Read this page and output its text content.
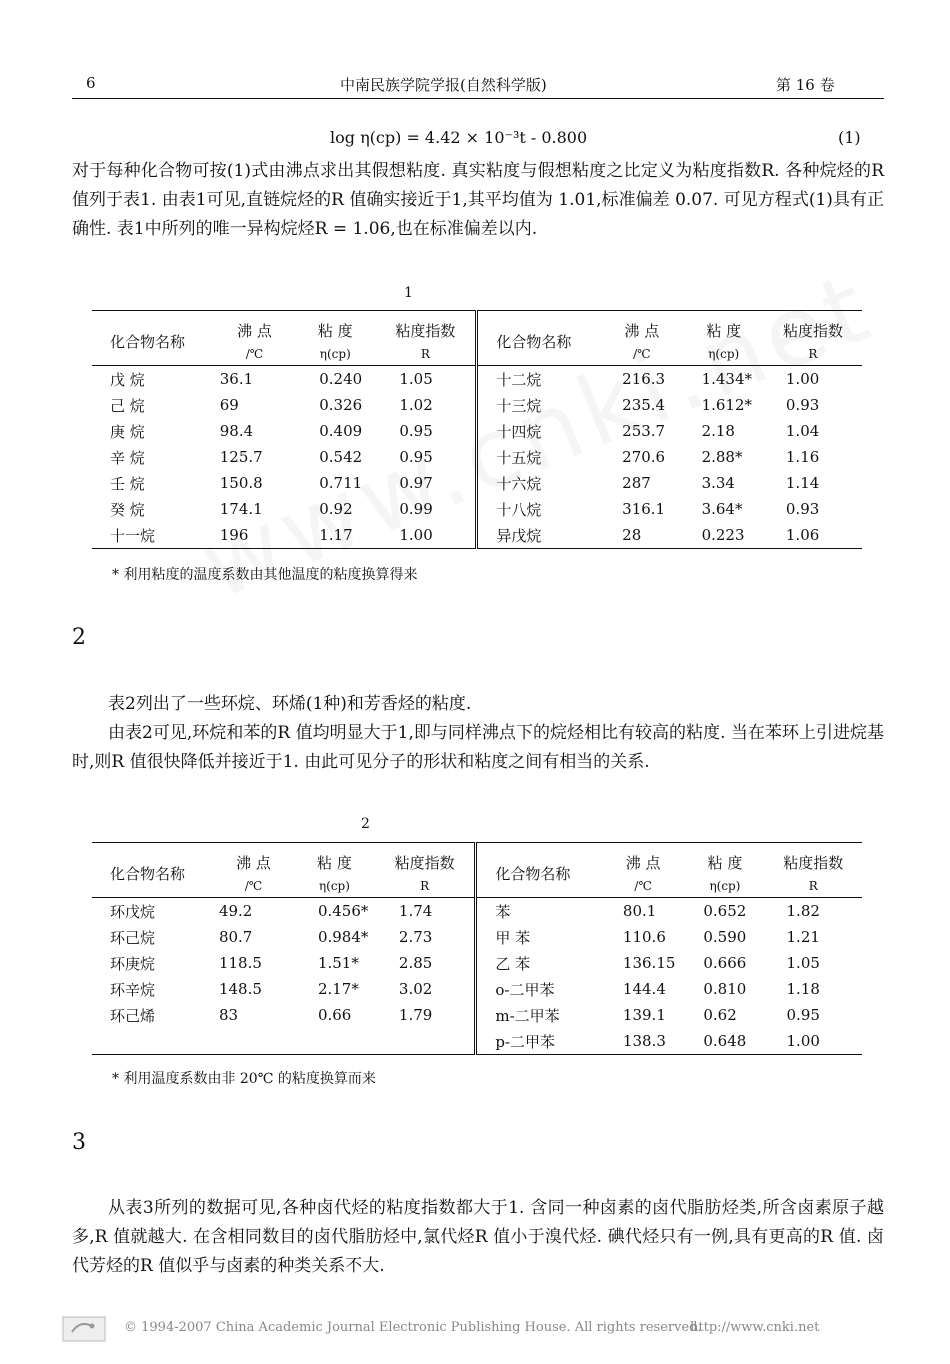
6	中南民族学院学报(自然科学版)	第 16 卷
log η(cp) = 4.42 × 10⁻³t - 0.800	(1)
对于每种化合物可按(1)式由沸点求出其假想粘度. 真实粘度与假想粘度之比定义为粘度指数R. 各种烷烃的R 值列于表1. 由表1可见,直链烷烃的R 值确实接近于1,其平均值为 1.01,标准偏差 0.07. 可见方程式(1)具有正确性. 表1中所列的唯一异构烷烃R = 1.06,也在标准偏差以内.
1
化合物名称	沸 点	粘 度	粘度指数	化合物名称	沸 点	粘 度	粘度指数
	/℃	η(cp)	R		/℃	η(cp)	R
戊 烷	36.1	0.240	1.05	十二烷	216.3	1.434*	1.00
己 烷	69	0.326	1.02	十三烷	235.4	1.612*	0.93
庚 烷	98.4	0.409	0.95	十四烷	253.7	2.18	1.04
辛 烷	125.7	0.542	0.95	十五烷	270.6	2.88*	1.16
壬 烷	150.8	0.711	0.97	十六烷	287	3.34	1.14
癸 烷	174.1	0.92	0.99	十八烷	316.1	3.64*	0.93
十一烷	196	1.17	1.00	异戊烷	28	0.223	1.06
* 利用粘度的温度系数由其他温度的粘度换算得来
2
表2列出了一些环烷、环烯(1种)和芳香烃的粘度.
由表2可见,环烷和苯的R 值均明显大于1,即与同样沸点下的烷烃相比有较高的粘度. 当在苯环上引进烷基时,则R 值很快降低并接近于1. 由此可见分子的形状和粘度之间有相当的关系.
2
化合物名称	沸 点	粘 度	粘度指数	化合物名称	沸 点	粘 度	粘度指数
	/℃	η(cp)	R		/℃	η(cp)	R
环戊烷	49.2	0.456*	1.74	苯	80.1	0.652	1.82
环己烷	80.7	0.984*	2.73	甲 苯	110.6	0.590	1.21
环庚烷	118.5	1.51*	2.85	乙 苯	136.15	0.666	1.05
环辛烷	148.5	2.17*	3.02	o-二甲苯	144.4	0.810	1.18
环己烯	83	0.66	1.79	m-二甲苯	139.1	0.62	0.95
				p-二甲苯	138.3	0.648	1.00
* 利用温度系数由非 20℃ 的粘度换算而来
3
从表3所列的数据可见,各种卤代烃的粘度指数都大于1. 含同一种卤素的卤代脂肪烃类,所含卤素原子越多,R 值就越大. 在含相同数目的卤代脂肪烃中,氯代烃R 值小于溴代烃. 碘代烃只有一例,具有更高的R 值. 卤代芳烃的R 值似乎与卤素的种类关系不大.
© 1994-2007 China Academic Journal Electronic Publishing House. All rights reserved.
http://www.cnki.net
